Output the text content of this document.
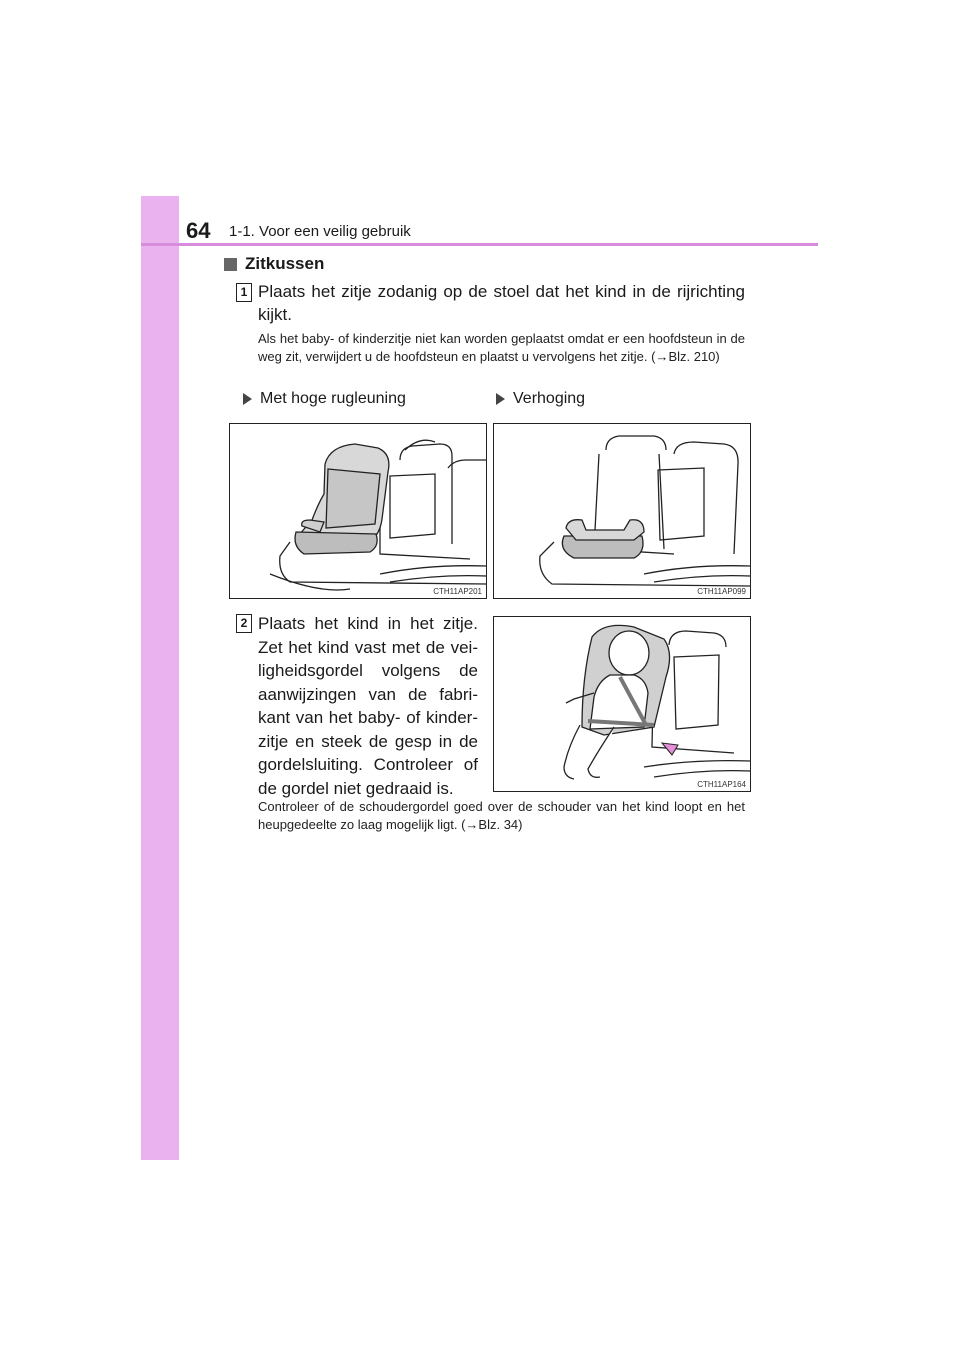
64 1-1. Voor een veilig gebruik
Zitkussen
1 Plaats het zitje zodanig op de stoel dat het kind in de rijrichting kijkt.
Als het baby- of kinderzitje niet kan worden geplaatst omdat er een hoofdsteun in de weg zit, verwijdert u de hoofdsteun en plaatst u vervolgens het zitje. (→Blz. 210)
Met hoge rugleuning	Verhoging
CTH11AP201	CTH11AP099
2 Plaats het kind in het zitje. Zet het kind vast met de veiligheidsgordel volgens de aanwijzingen van de fabrikant van het baby- of kinderzitje en steek de gesp in de gordelsluiting. Controleer of de gordel niet gedraaid is.	CTH11AP164
Controleer of de schoudergordel goed over de schouder van het kind loopt en het heupgedeelte zo laag mogelijk ligt. (→Blz. 34)
